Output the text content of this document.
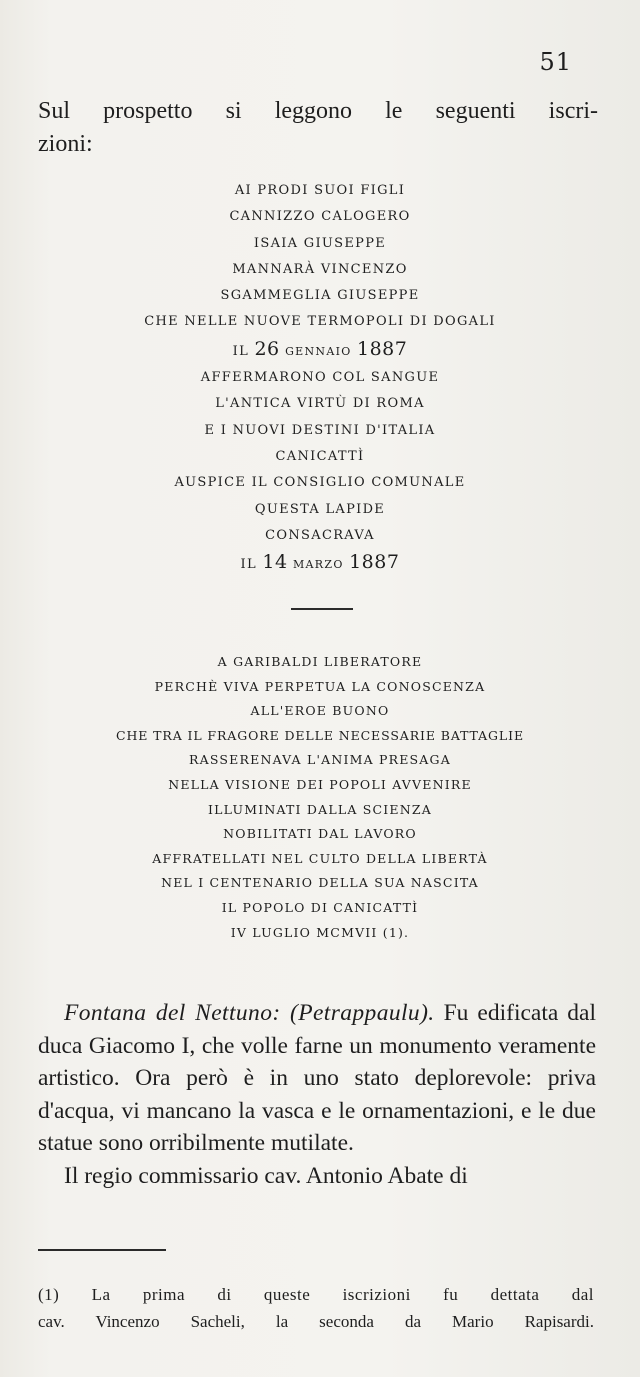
51
Sul prospetto si leggono le seguenti iscri-
zioni:
AI PRODI SUOI FIGLI
CANNIZZO CALOGERO
ISAIA GIUSEPPE
MANNARÀ VINCENZO
SGAMMEGLIA GIUSEPPE
CHE NELLE NUOVE TERMOPOLI DI DOGALI
IL 26 GENNAIO 1887
AFFERMARONO COL SANGUE
L'ANTICA VIRTÙ DI ROMA
E I NUOVI DESTINI D'ITALIA
CANICATTÌ
AUSPICE IL CONSIGLIO COMUNALE
QUESTA LAPIDE
CONSACRAVA
IL 14 MARZO 1887
A GARIBALDI LIBERATORE
PERCHÈ VIVA PERPETUA LA CONOSCENZA
ALL'EROE BUONO
CHE TRA IL FRAGORE DELLE NECESSARIE BATTAGLIE
RASSERENAVA L'ANIMA PRESAGA
NELLA VISIONE DEI POPOLI AVVENIRE
ILLUMINATI DALLA SCIENZA
NOBILITATI DAL LAVORO
AFFRATELLATI NEL CULTO DELLA LIBERTÀ
NEL I CENTENARIO DELLA SUA NASCITA
IL POPOLO DI CANICATTÌ
IV LUGLIO MCMVII (1).

Fontana del Nettuno: (Petrappaulu). Fu edificata dal duca Giacomo I, che volle farne un monumento veramente artistico. Ora però è in uno stato deplorevole: priva d'acqua, vi mancano la vasca e le ornamentazioni, e le due statue sono orribilmente mutilate.

Il regio commissario cav. Antonio Abate di

(1) La prima di queste iscrizioni fu dettata dal
cav. Vincenzo Sacheli, la seconda da Mario Rapisardi.
